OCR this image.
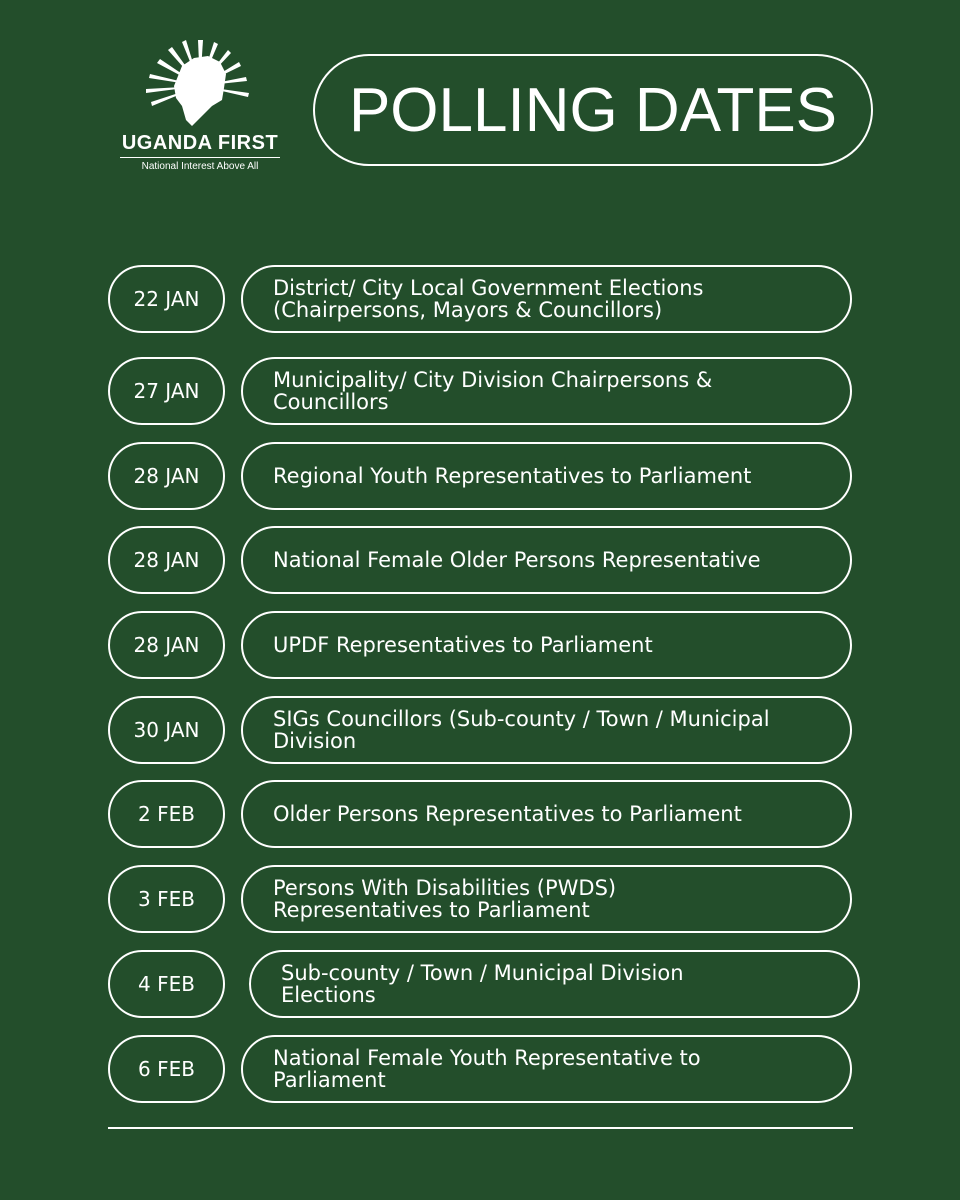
UGANDA FIRST
National Interest Above All
POLLING DATES
22 JAN	District/ City Local Government Elections
(Chairpersons, Mayors & Councillors)
27 JAN	Municipality/ City Division Chairpersons &
Councillors
28 JAN	Regional Youth Representatives to Parliament
28 JAN	National Female Older Persons Representative
28 JAN	UPDF Representatives to Parliament
30 JAN	SIGs Councillors (Sub-county / Town / Municipal
Division
2 FEB	Older Persons Representatives to Parliament
3 FEB	Persons With Disabilities (PWDS)
Representatives to Parliament
4 FEB	Sub-county / Town / Municipal Division
Elections
6 FEB	National Female Youth Representative to
Parliament
